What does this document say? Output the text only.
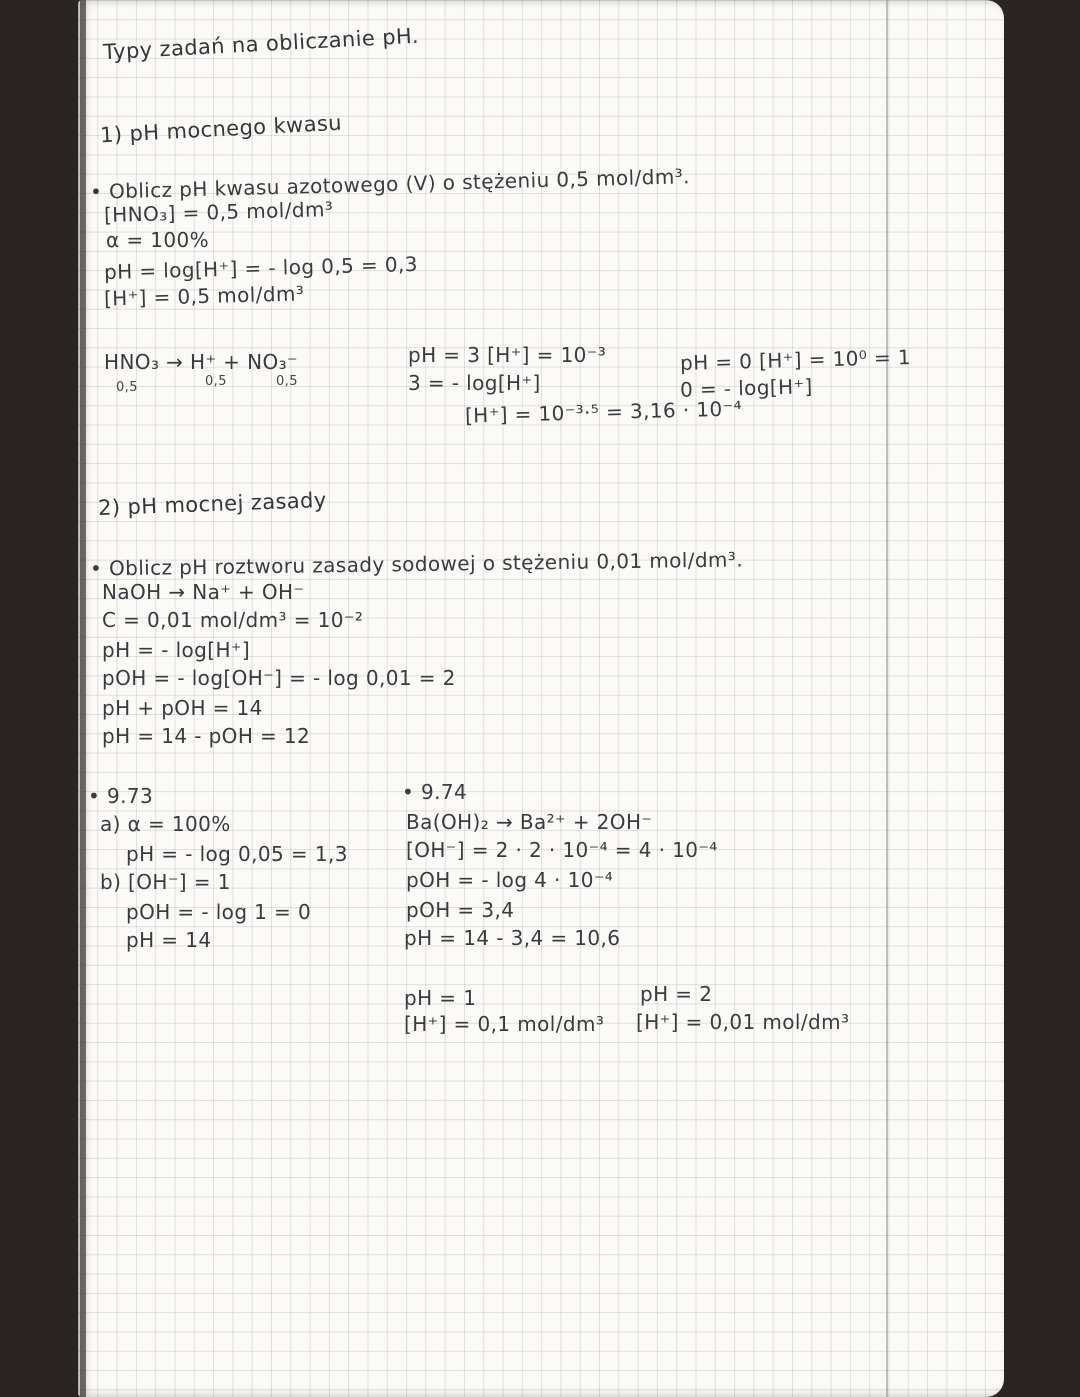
Typy zadań na obliczanie pH.
1) pH mocnego kwasu
• Oblicz pH kwasu azotowego (V) o stężeniu 0,5 mol/dm³.
[HNO₃] = 0,5 mol/dm³
α = 100%
pH = log[H⁺] = - log 0,5 = 0,3
[H⁺] = 0,5 mol/dm³
HNO₃ → H⁺ + NO₃⁻
0,5	0,5	0,5
pH = 3 [H⁺] = 10⁻³
3 = - log[H⁺]
[H⁺] = 10⁻³·⁵ = 3,16 · 10⁻⁴
pH = 0 [H⁺] = 10⁰ = 1
0 = - log[H⁺]
2) pH mocnej zasady
• Oblicz pH roztworu zasady sodowej o stężeniu 0,01 mol/dm³.
NaOH → Na⁺ + OH⁻
C = 0,01 mol/dm³ = 10⁻²
pH = - log[H⁺]
pOH = - log[OH⁻] = - log 0,01 = 2
pH + pOH = 14
pH = 14 - pOH = 12
• 9.73
a) α = 100%
pH = - log 0,05 = 1,3
b) [OH⁻] = 1
pOH = - log 1 = 0
pH = 14
• 9.74
Ba(OH)₂ → Ba²⁺ + 2OH⁻
[OH⁻] = 2 · 2 · 10⁻⁴ = 4 · 10⁻⁴
pOH = - log 4 · 10⁻⁴
pOH = 3,4
pH = 14 - 3,4 = 10,6
pH = 1
[H⁺] = 0,1 mol/dm³
pH = 2
[H⁺] = 0,01 mol/dm³
